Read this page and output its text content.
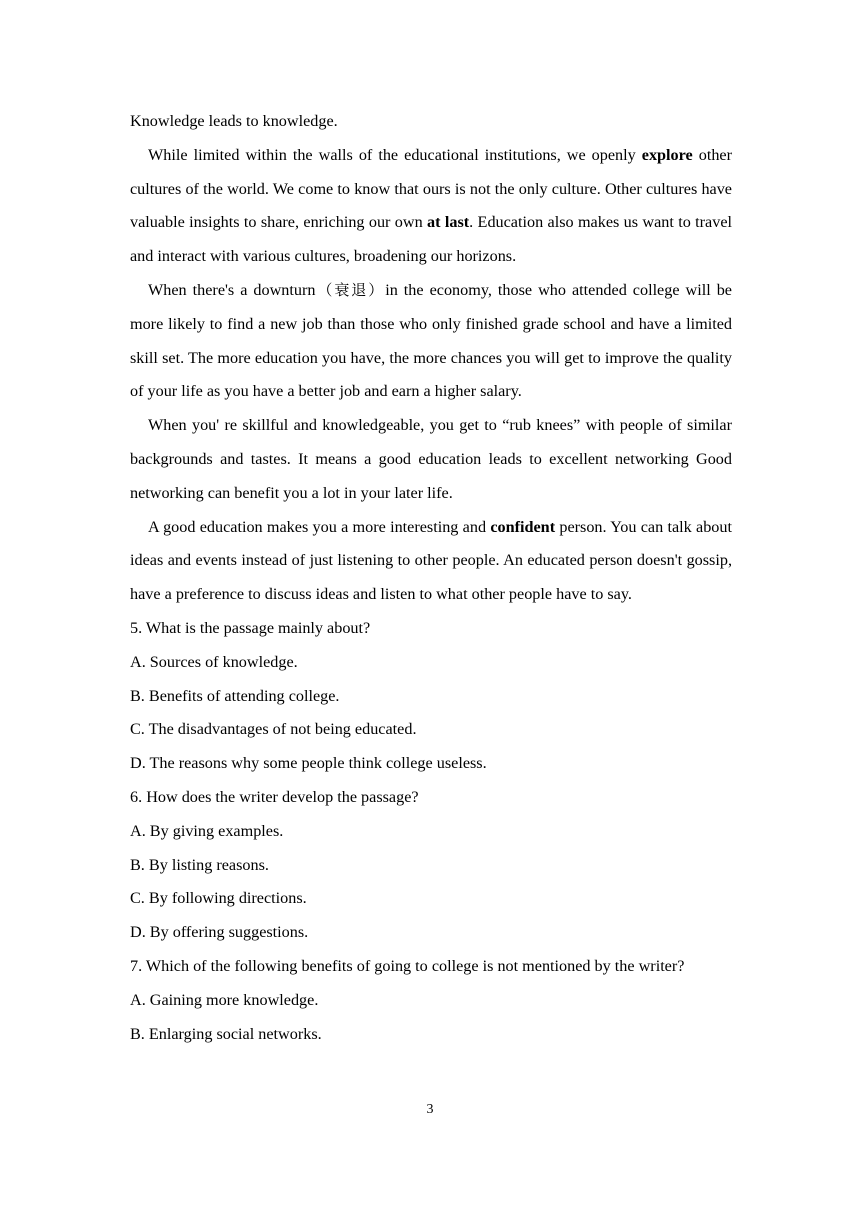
Knowledge leads to knowledge.

While limited within the walls of the educational institutions, we openly explore other cultures of the world. We come to know that ours is not the only culture. Other cultures have valuable insights to share, enriching our own at last. Education also makes us want to travel and interact with various cultures, broadening our horizons.

When there's a downturn（衰退）in the economy, those who attended college will be more likely to find a new job than those who only finished grade school and have a limited skill set. The more education you have, the more chances you will get to improve the quality of your life as you have a better job and earn a higher salary.

When you' re skillful and knowledgeable, you get to “rub knees” with people of similar backgrounds and tastes. It means a good education leads to excellent networking Good networking can benefit you a lot in your later life.

A good education makes you a more interesting and confident person. You can talk about ideas and events instead of just listening to other people. An educated person doesn't gossip, have a preference to discuss ideas and listen to what other people have to say.

5. What is the passage mainly about?
A. Sources of knowledge.
B. Benefits of attending college.
C. The disadvantages of not being educated.
D. The reasons why some people think college useless.
6. How does the writer develop the passage?
A. By giving examples.
B. By listing reasons.
C. By following directions.
D. By offering suggestions.
7. Which of the following benefits of going to college is not mentioned by the writer?
A. Gaining more knowledge.
B. Enlarging social networks.
3
